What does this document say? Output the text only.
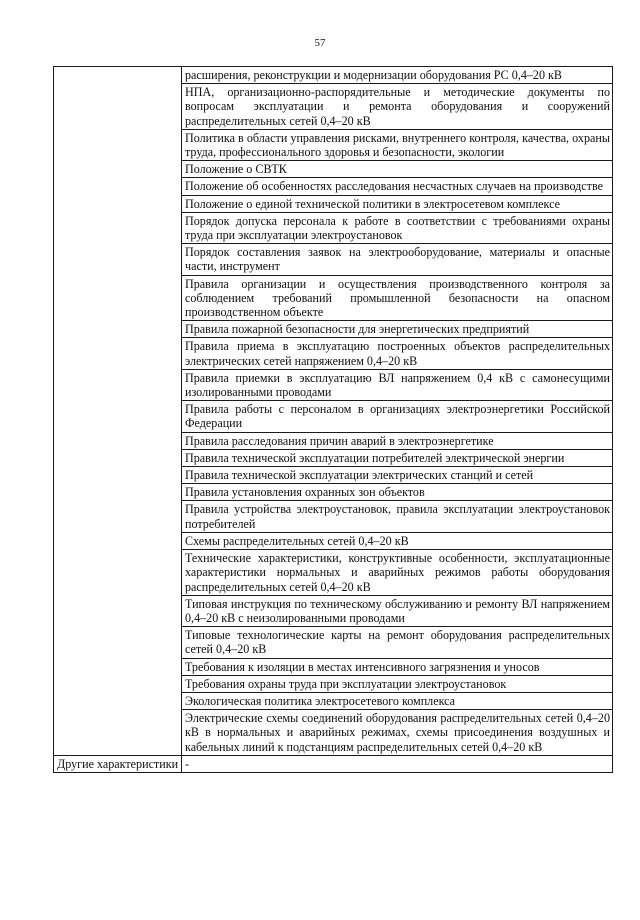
57
	расширения, реконструкции и модернизации оборудования РС 0,4–20 кВ
	НПА, организационно-распорядительные и методические документы по вопросам эксплуатации и ремонта оборудования и сооружений распределительных сетей 0,4–20 кВ
	Политика в области управления рисками, внутреннего контроля, качества, охраны труда, профессионального здоровья и безопасности, экологии
	Положение о СВТК
	Положение об особенностях расследования несчастных случаев на производстве
	Положение о единой технической политики в электросетевом комплексе
	Порядок допуска персонала к работе в соответствии с требованиями охраны труда при эксплуатации электроустановок
	Порядок составления заявок на электрооборудование, материалы и опасные части, инструмент
	Правила организации и осуществления производственного контроля за соблюдением требований промышленной безопасности на опасном производственном объекте
	Правила пожарной безопасности для энергетических предприятий
	Правила приема в эксплуатацию построенных объектов распределительных электрических сетей напряжением 0,4–20 кВ
	Правила приемки в эксплуатацию ВЛ напряжением 0,4 кВ с самонесущими изолированными проводами
	Правила работы с персоналом в организациях электроэнергетики Российской Федерации
	Правила расследования причин аварий в электроэнергетике
	Правила технической эксплуатации потребителей электрической энергии
	Правила технической эксплуатации электрических станций и сетей
	Правила установления охранных зон объектов
	Правила устройства электроустановок, правила эксплуатации электроустановок потребителей
	Схемы распределительных сетей 0,4–20 кВ
	Технические характеристики, конструктивные особенности, эксплуатационные характеристики нормальных и аварийных режимов работы оборудования распределительных сетей 0,4–20 кВ
	Типовая инструкция по техническому обслуживанию и ремонту ВЛ напряжением 0,4–20 кВ с неизолированными проводами
	Типовые технологические карты на ремонт оборудования распределительных сетей 0,4–20 кВ
	Требования к изоляции в местах интенсивного загрязнения и уносов
	Требования охраны труда при эксплуатации электроустановок
	Экологическая политика электросетевого комплекса
	Электрические схемы соединений оборудования распределительных сетей 0,4–20 кВ в нормальных и аварийных режимах, схемы присоединения воздушных и кабельных линий к подстанциям распределительных сетей 0,4–20 кВ
Другие характеристики	-
